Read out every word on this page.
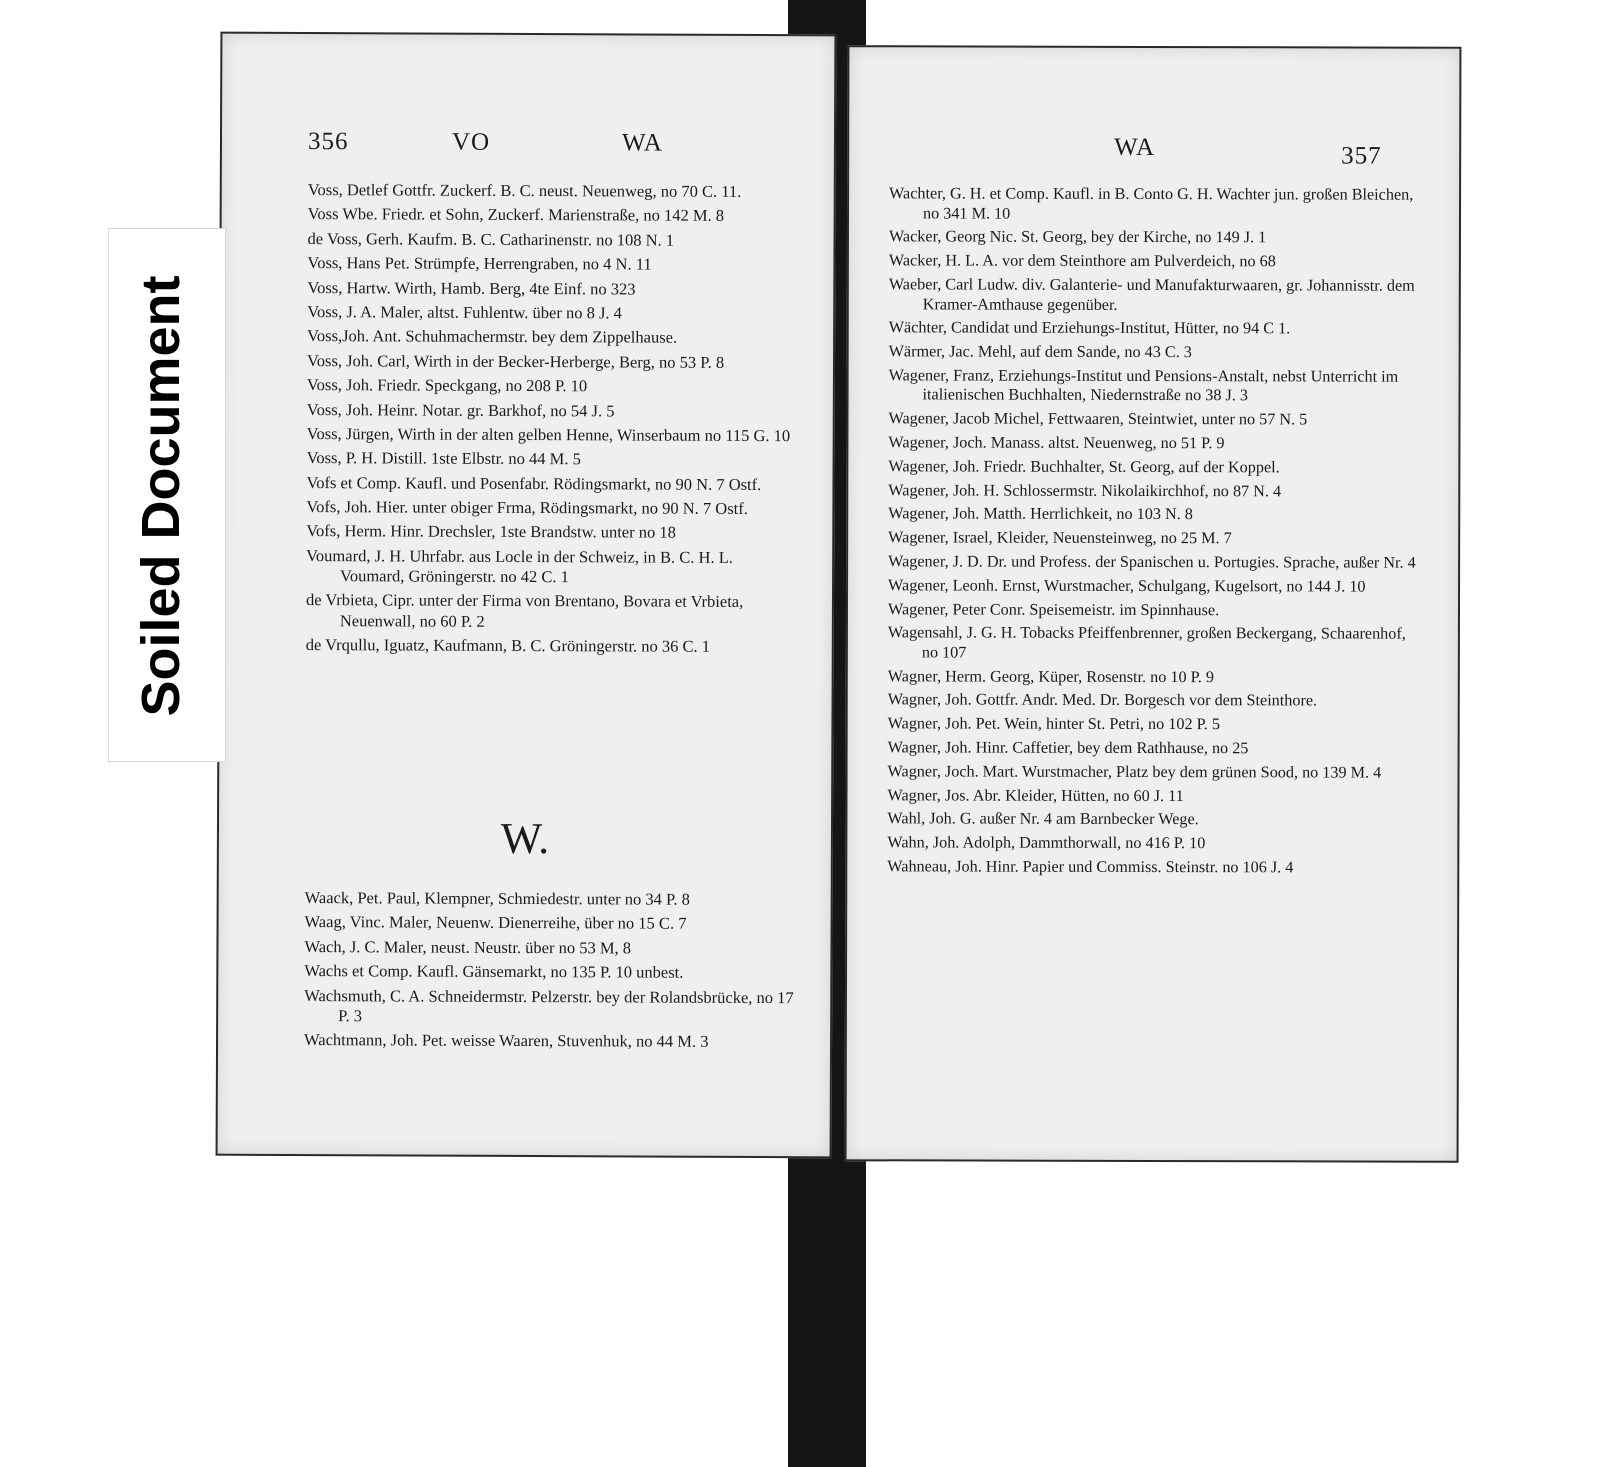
356	VO	WA
Voss, Detlef Gottfr. Zuckerf. B. C. neust. Neuenweg, no 70 C. 11.
Voss Wbe. Friedr. et Sohn, Zuckerf. Marienstraße, no 142 M. 8
de Voss, Gerh. Kaufm. B. C. Catharinenstr. no 108 N. 1
Voss, Hans Pet. Strümpfe, Herrengraben, no 4 N. 11
Voss, Hartw. Wirth, Hamb. Berg, 4te Einf. no 323
Voss, J. A. Maler, altst. Fuhlentw. über no 8 J. 4
Voss,Joh. Ant. Schuhmachermstr. bey dem Zippelhause.
Voss, Joh. Carl, Wirth in der Becker-Herberge, Berg, no 53 P. 8
Voss, Joh. Friedr. Speckgang, no 208 P. 10
Voss, Joh. Heinr. Notar. gr. Barkhof, no 54 J. 5
Voss, Jürgen, Wirth in der alten gelben Henne, Winserbaum no 115 G. 10
Voss, P. H. Distill. 1ste Elbstr. no 44 M. 5
Vofs et Comp. Kaufl. und Posenfabr. Rödingsmarkt, no 90 N. 7 Ostf.
Vofs, Joh. Hier. unter obiger Frma, Rödingsmarkt, no 90 N. 7 Ostf.
Vofs, Herm. Hinr. Drechsler, 1ste Brandstw. unter no 18
Voumard, J. H. Uhrfabr. aus Locle in der Schweiz, in B. C. H. L. Voumard, Gröningerstr. no 42 C. 1
de Vrbieta, Cipr. unter der Firma von Brentano, Bovara et Vrbieta, Neuenwall, no 60 P. 2
de Vrqullu, Iguatz, Kaufmann, B. C. Gröningerstr. no 36 C. 1
W.
Waack, Pet. Paul, Klempner, Schmiedestr. unter no 34 P. 8
Waag, Vinc. Maler, Neuenw. Dienerreihe, über no 15 C. 7
Wach, J. C. Maler, neust. Neustr. über no 53 M, 8
Wachs et Comp. Kaufl. Gänsemarkt, no 135 P. 10 unbest.
Wachsmuth, C. A. Schneidermstr. Pelzerstr. bey der Rolandsbrücke, no 17 P. 3
Wachtmann, Joh. Pet. weisse Waaren, Stuvenhuk, no 44 M. 3
WA	357
Wachter, G. H. et Comp. Kaufl. in B. Conto G. H. Wachter jun. großen Bleichen, no 341 M. 10
Wacker, Georg Nic. St. Georg, bey der Kirche, no 149 J. 1
Wacker, H. L. A. vor dem Steinthore am Pulverdeich, no 68
Waeber, Carl Ludw. div. Galanterie- und Manufakturwaaren, gr. Johannisstr. dem Kramer-Amthause gegenüber.
Wächter, Candidat und Erziehungs-Institut, Hütter, no 94 C 1.
Wärmer, Jac. Mehl, auf dem Sande, no 43 C. 3
Wagener, Franz, Erziehungs-Institut und Pensions-Anstalt, nebst Unterricht im italienischen Buchhalten, Niedernstraße no 38 J. 3
Wagener, Jacob Michel, Fettwaaren, Steintwiet, unter no 57 N. 5
Wagener, Joch. Manass. altst. Neuenweg, no 51 P. 9
Wagener, Joh. Friedr. Buchhalter, St. Georg, auf der Koppel.
Wagener, Joh. H. Schlossermstr. Nikolaikirchhof, no 87 N. 4
Wagener, Joh. Matth. Herrlichkeit, no 103 N. 8
Wagener, Israel, Kleider, Neuensteinweg, no 25 M. 7
Wagener, J. D. Dr. und Profess. der Spanischen u. Portugies. Sprache, außer Nr. 4
Wagener, Leonh. Ernst, Wurstmacher, Schulgang, Kugelsort, no 144 J. 10
Wagener, Peter Conr. Speisemeistr. im Spinnhause.
Wagensahl, J. G. H. Tobacks Pfeiffenbrenner, großen Beckergang, Schaarenhof, no 107
Wagner, Herm. Georg, Küper, Rosenstr. no 10 P. 9
Wagner, Joh. Gottfr. Andr. Med. Dr. Borgesch vor dem Steinthore.
Wagner, Joh. Pet. Wein, hinter St. Petri, no 102 P. 5
Wagner, Joh. Hinr. Caffetier, bey dem Rathhause, no 25
Wagner, Joch. Mart. Wurstmacher, Platz bey dem grünen Sood, no 139 M. 4
Wagner, Jos. Abr. Kleider, Hütten, no 60 J. 11
Wahl, Joh. G. außer Nr. 4 am Barnbecker Wege.
Wahn, Joh. Adolph, Dammthorwall, no 416 P. 10
Wahneau, Joh. Hinr. Papier und Commiss. Steinstr. no 106 J. 4
Soiled Document
